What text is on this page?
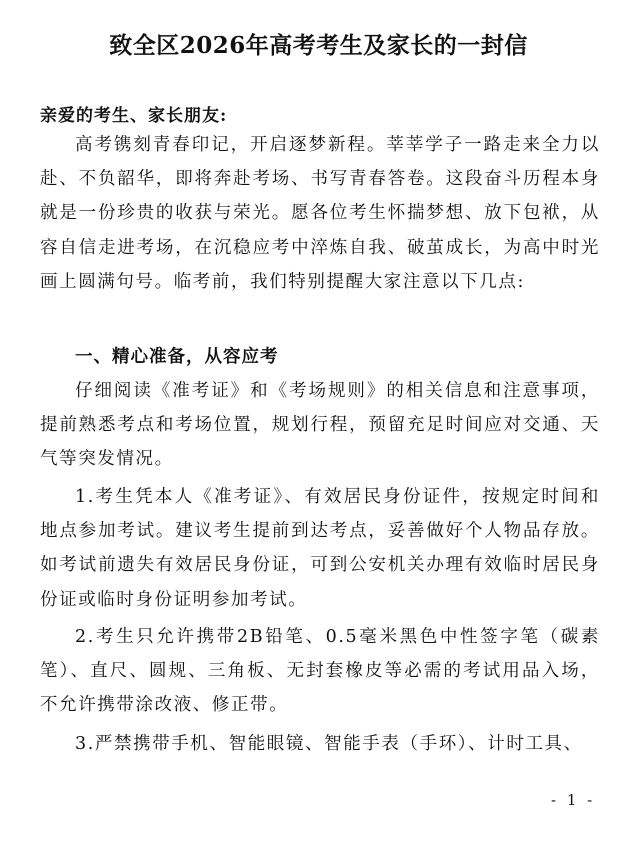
致全区2026年高考考生及家长的一封信
亲爱的考生、家长朋友:

高考镌刻青春印记，开启逐梦新程。莘莘学子一路走来全力以赴、不负韶华，即将奔赴考场、书写青春答卷。这段奋斗历程本身就是一份珍贵的收获与荣光。愿各位考生怀揣梦想、放下包袱，从容自信走进考场，在沉稳应考中淬炼自我、破茧成长，为高中时光画上圆满句号。临考前，我们特别提醒大家注意以下几点:

一、精心准备，从容应考

仔细阅读《准考证》和《考场规则》的相关信息和注意事项，提前熟悉考点和考场位置，规划行程，预留充足时间应对交通、天气等突发情况。

1.考生凭本人《准考证》、有效居民身份证件，按规定时间和地点参加考试。建议考生提前到达考点，妥善做好个人物品存放。如考试前遗失有效居民身份证，可到公安机关办理有效临时居民身份证或临时身份证明参加考试。

2.考生只允许携带2B铅笔、0.5毫米黑色中性签字笔（碳素笔）、直尺、圆规、三角板、无封套橡皮等必需的考试用品入场，不允许携带涂改液、修正带。

3.严禁携带手机、智能眼镜、智能手表（手环）、计时工具、

- 1 -
